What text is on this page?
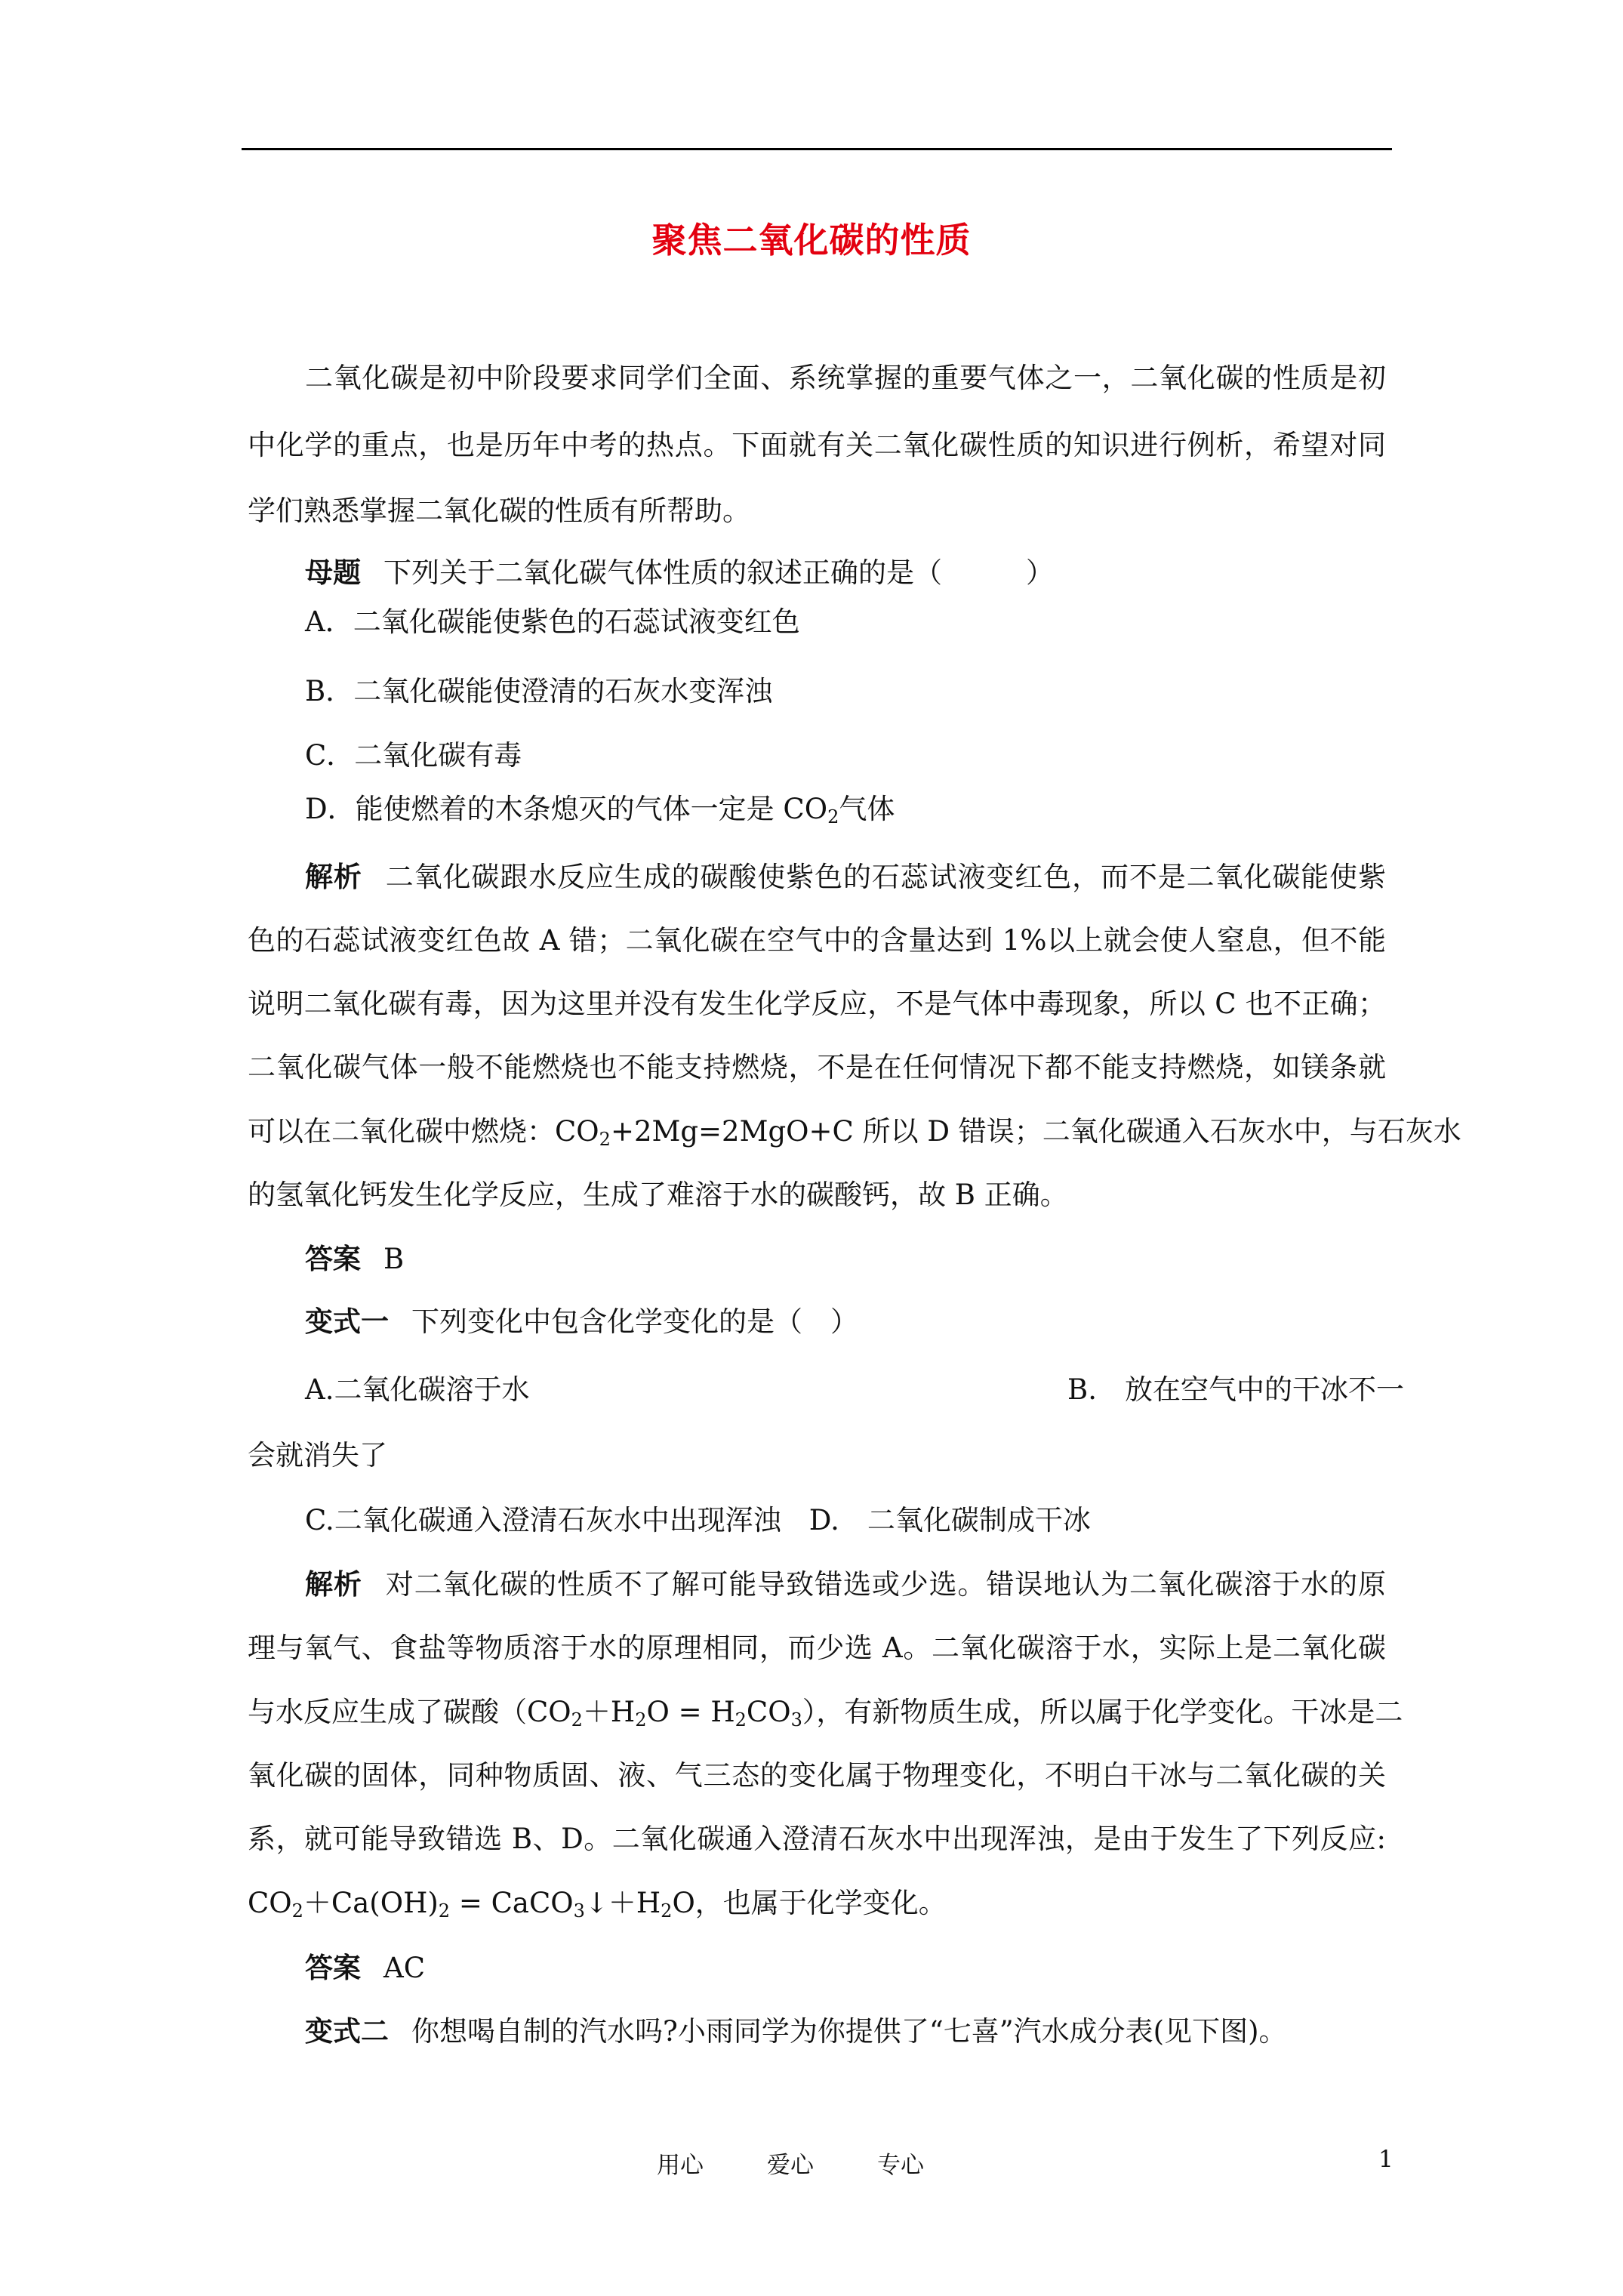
聚焦二氧化碳的性质
二氧化碳是初中阶段要求同学们全面、系统掌握的重要气体之一，二氧化碳的性质是初
中化学的重点，也是历年中考的热点。下面就有关二氧化碳性质的知识进行例析，希望对同
学们熟悉掌握二氧化碳的性质有所帮助。
母题 下列关于二氧化碳气体性质的叙述正确的是（　　　）
A．二氧化碳能使紫色的石蕊试液变红色
B．二氧化碳能使澄清的石灰水变浑浊
C．二氧化碳有毒
D．能使燃着的木条熄灭的气体一定是 $CO_2$气体
解析 二氧化碳跟水反应生成的碳酸使紫色的石蕊试液变红色，而不是二氧化碳能使紫
色的石蕊试液变红色故 A 错；二氧化碳在空气中的含量达到 1%以上就会使人窒息，但不能
说明二氧化碳有毒，因为这里并没有发生化学反应，不是气体中毒现象，所以 C 也不正确；
二氧化碳气体一般不能燃烧也不能支持燃烧，不是在任何情况下都不能支持燃烧，如镁条就
可以在二氧化碳中燃烧：$CO_2+2Mg=2MgO+C$ 所以 D 错误；二氧化碳通入石灰水中，与石灰水
的氢氧化钙发生化学反应，生成了难溶于水的碳酸钙，故 B 正确。
答案 B
变式一 下列变化中包含化学变化的是（　）
A.二氧化碳溶于水	B.　放在空气中的干冰不一
会就消失了
C.二氧化碳通入澄清石灰水中出现浑浊　D.　二氧化碳制成干冰
解析 对二氧化碳的性质不了解可能导致错选或少选。错误地认为二氧化碳溶于水的原
理与氧气、食盐等物质溶于水的原理相同，而少选 A。二氧化碳溶于水，实际上是二氧化碳
与水反应生成了碳酸$(CO_2+H_2O = H_2CO_3)$，有新物质生成，所以属于化学变化。干冰是二
氧化碳的固体，同种物质固、液、气三态的变化属于物理变化，不明白干冰与二氧化碳的关
系，就可能导致错选 B、D。二氧化碳通入澄清石灰水中出现浑浊，是由于发生了下列反应:
$CO_2+Ca(OH)_2$ = $CaCO_3↓+H_2O$，也属于化学变化。
答案 AC
变式二 你想喝自制的汽水吗?小雨同学为你提供了“七喜”汽水成分表(见下图)。
用心	爱心	专心	1
